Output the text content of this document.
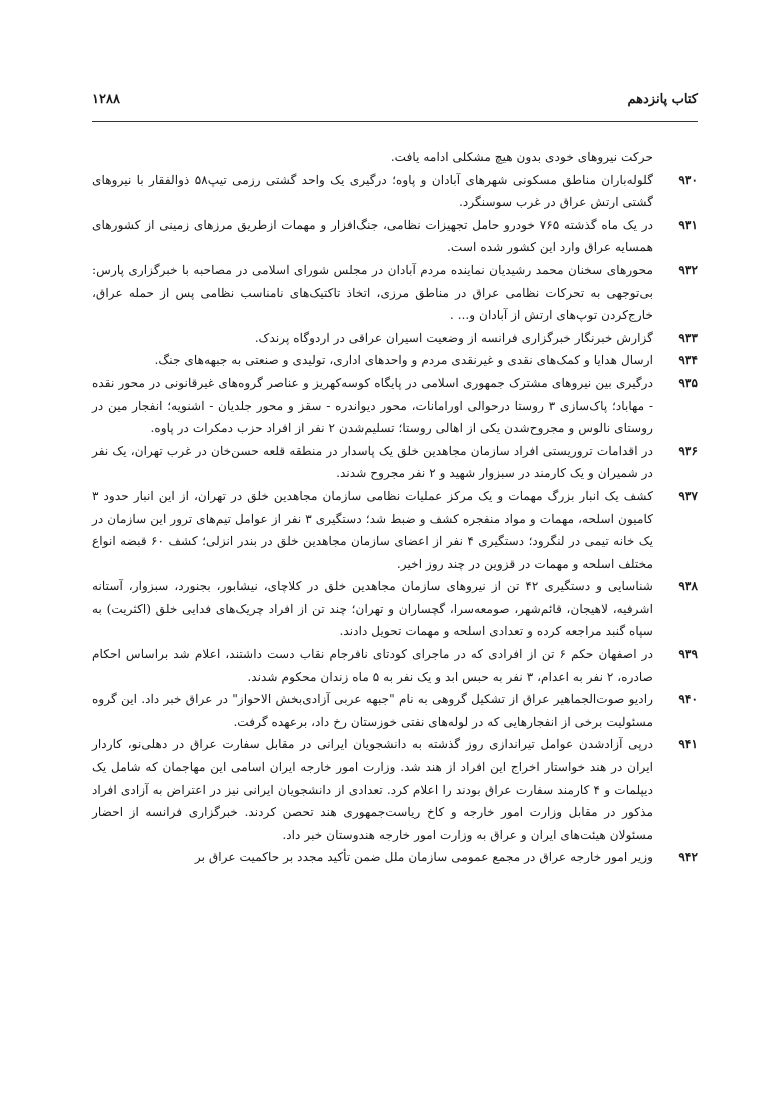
کتاب پانزدهم
۱۲۸۸
حرکت نیروهای خودی بدون هیچ مشکلی ادامه یافت.
۹۳۰
گلوله‌باران مناطق مسکونی شهرهای آبادان و پاوه؛ درگیری یک واحد گشتی رزمی تیپ۵۸ ذوالفقار با نیروهای گشتی ارتش عراق در غرب سوسنگرد.
۹۳۱
در یک ماه گذشته ۷۶۵ خودرو حامل تجهیزات نظامی، جنگ‌افزار و مهمات ازطریق مرزهای زمینی از کشورهای همسایه عراق وارد این کشور شده است.
۹۳۲
محورهای سخنان محمد رشیدیان نماینده مردم آبادان در مجلس شورای اسلامی در مصاحبه با خبرگزاری پارس: بی‌توجهی به تحرکات نظامی عراق در مناطق مرزی، اتخاذ تاکتیک‌های نامناسب نظامی پس از حمله عراق، خارج‌کردن توپ‌های ارتش از آبادان و... .
۹۳۳
گزارش خبرنگار خبرگزاری فرانسه از وضعیت اسیران عراقی در اردوگاه پرندک.
۹۳۴
ارسال هدایا و کمک‌های نقدی و غیرنقدی مردم و واحدهای اداری، تولیدی و صنعتی به جبهه‌های جنگ.
۹۳۵
درگیری بین نیروهای مشترک جمهوری اسلامی در پایگاه کوسه‌کهریز و عناصر گروه‌های غیرقانونی در محور نقده - مهاباد؛ پاک‌سازی ۳ روستا درحوالی اورامانات، محور دیواندره - سقز و محور جلدیان - اشنویه؛ انفجار مین در روستای نالوس و مجروح‌شدن یکی از اهالی روستا؛ تسلیم‌شدن ۲ نفر از افراد حزب دمکرات در پاوه.
۹۳۶
در اقدامات تروریستی افراد سازمان مجاهدین خلق یک پاسدار در منطقه قلعه حسن‌خان در غرب تهران، یک نفر در شمیران و یک کارمند در سبزوار شهید و ۲ نفر مجروح شدند.
۹۳۷
کشف یک انبار بزرگ مهمات و یک مرکز عملیات نظامی سازمان مجاهدین خلق در تهران، از این انبار حدود ۳ کامیون اسلحه، مهمات و مواد منفجره کشف و ضبط شد؛ دستگیری ۳ نفر از عوامل تیم‌های ترور این سازمان در یک خانه تیمی در لنگرود؛ دستگیری ۴ نفر از اعضای سازمان مجاهدین خلق در بندر انزلی؛ کشف ۶۰ قبضه انواع مختلف اسلحه و مهمات در قزوین در چند روز اخیر.
۹۳۸
شناسایی و دستگیری ۴۲ تن از نیروهای سازمان مجاهدین خلق در کلاچای، نیشابور، بجنورد، سبزوار، آستانه اشرفیه، لاهیجان، قائم‌شهر، صومعه‌سرا، گچساران و تهران؛ چند تن از افراد چریک‌های فدایی خلق (اکثریت) به سپاه گنبد مراجعه کرده و تعدادی اسلحه و مهمات تحویل دادند.
۹۳۹
در اصفهان حکم ۶ تن از افرادی که در ماجرای کودتای نافرجام نقاب دست داشتند، اعلام شد براساس احکام صادره، ۲ نفر به اعدام، ۳ نفر به حبس ابد و یک نفر به ۵ ماه زندان محکوم شدند.
۹۴۰
رادیو صوت‌الجماهیر عراق از تشکیل گروهی به نام "جبهه عربی آزادی‌بخش الاحواز" در عراق خبر داد. این گروه مسئولیت برخی از انفجارهایی که در لوله‌های نفتی خوزستان رخ داد، برعهده گرفت.
۹۴۱
درپی آزادشدن عوامل تیراندازی روز گذشته به دانشجویان ایرانی در مقابل سفارت عراق در دهلی‌نو، کاردار ایران در هند خواستار اخراج این افراد از هند شد. وزارت امور خارجه ایران اسامی این مهاجمان که شامل یک دیپلمات و ۴ کارمند سفارت عراق بودند را اعلام کرد. تعدادی از دانشجویان ایرانی نیز در اعتراض به آزادی افراد مذکور در مقابل وزارت امور خارجه و کاخ ریاست‌جمهوری هند تحصن کردند. خبرگزاری فرانسه از احضار مسئولان هیئت‌های ایران و عراق به وزارت امور خارجه هندوستان خبر داد.
۹۴۲
وزیر امور خارجه عراق در مجمع عمومی سازمان ملل ضمن تأکید مجدد بر حاکمیت عراق بر
